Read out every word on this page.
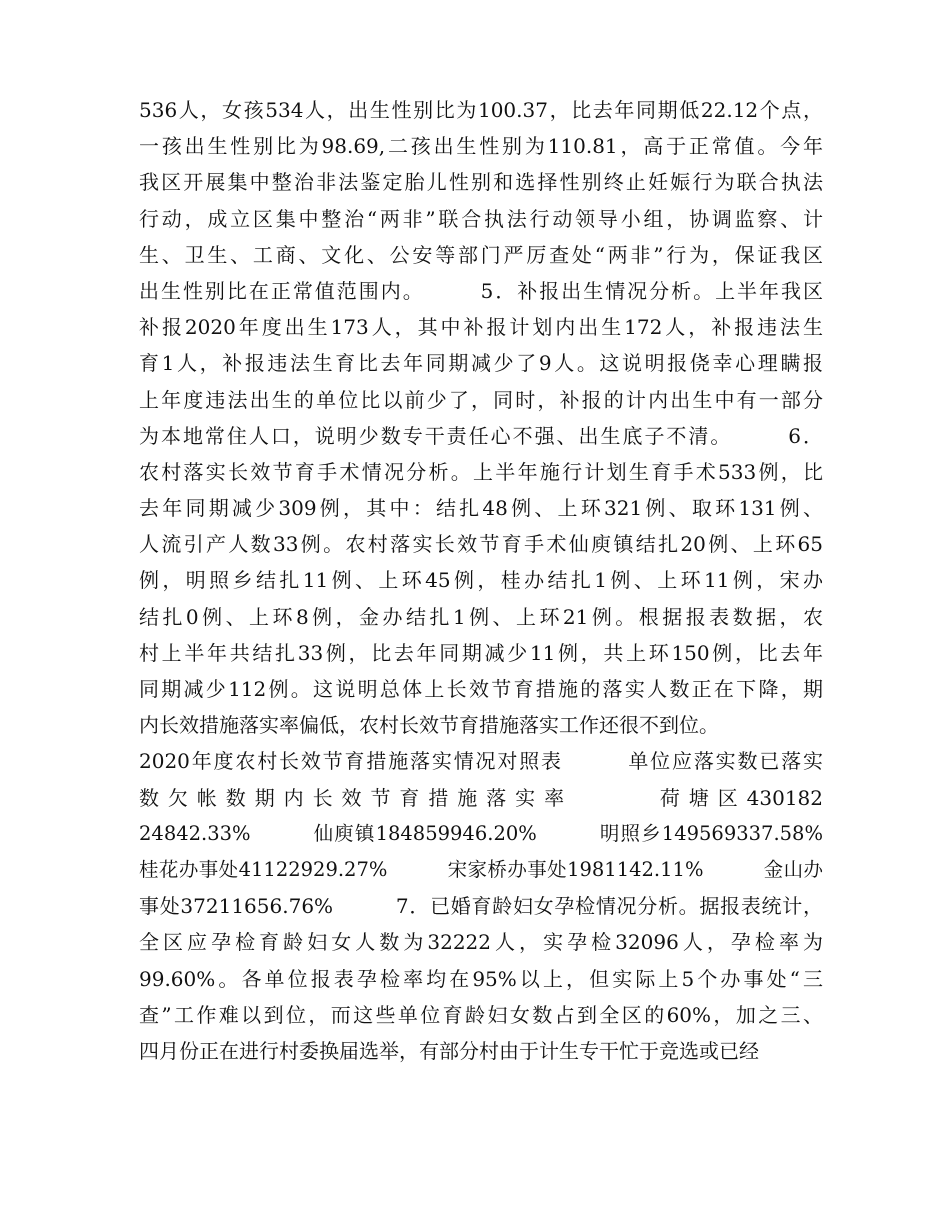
536人，女孩534人，出生性别比为100.37，比去年同期低22.12个点，
一孩出生性别比为98.69,二孩出生性别为110.81，高于正常值。今年
我区开展集中整治非法鉴定胎儿性别和选择性别终止妊娠行为联合执法
行动，成立区集中整治“两非”联合执法行动领导小组，协调监察、计
生、卫生、工商、文化、公安等部门严厉查处“两非”行为，保证我区
出生性别比在正常值范围内。　　　5．补报出生情况分析。上半年我区
补报2020年度出生173人，其中补报计划内出生172人，补报违法生
育1人，补报违法生育比去年同期减少了9人。这说明报侥幸心理瞒报
上年度违法出生的单位比以前少了，同时，补报的计内出生中有一部分
为本地常住人口，说明少数专干责任心不强、出生底子不清。　　　6．
农村落实长效节育手术情况分析。上半年施行计划生育手术533例，比
去年同期减少309例，其中：结扎48例、上环321例、取环131例、
人流引产人数33例。农村落实长效节育手术仙庾镇结扎20例、上环65
例，明照乡结扎11例、上环45例，桂办结扎1例、上环11例，宋办
结扎0例、上环8例，金办结扎1例、上环21例。根据报表数据，农
村上半年共结扎33例，比去年同期减少11例，共上环150例，比去年
同期减少112例。这说明总体上长效节育措施的落实人数正在下降，期
内长效措施落实率偏低，农村长效节育措施落实工作还很不到位。
2020年度农村长效节育措施落实情况对照表　　　单位应落实数已落实
数欠帐数期内长效节育措施落实率　　　荷塘区430182
24842.33%　　　仙庾镇184859946.20%　　　明照乡149569337.58%
桂花办事处41122929.27%　　　宋家桥办事处1981142.11%　　　金山办
事处37211656.76%　　　7．已婚育龄妇女孕检情况分析。据报表统计，
全区应孕检育龄妇女人数为32222人，实孕检32096人，孕检率为
99.60%。各单位报表孕检率均在95%以上，但实际上5个办事处“三
查”工作难以到位，而这些单位育龄妇女数占到全区的60%，加之三、
四月份正在进行村委换届选举，有部分村由于计生专干忙于竞选或已经
